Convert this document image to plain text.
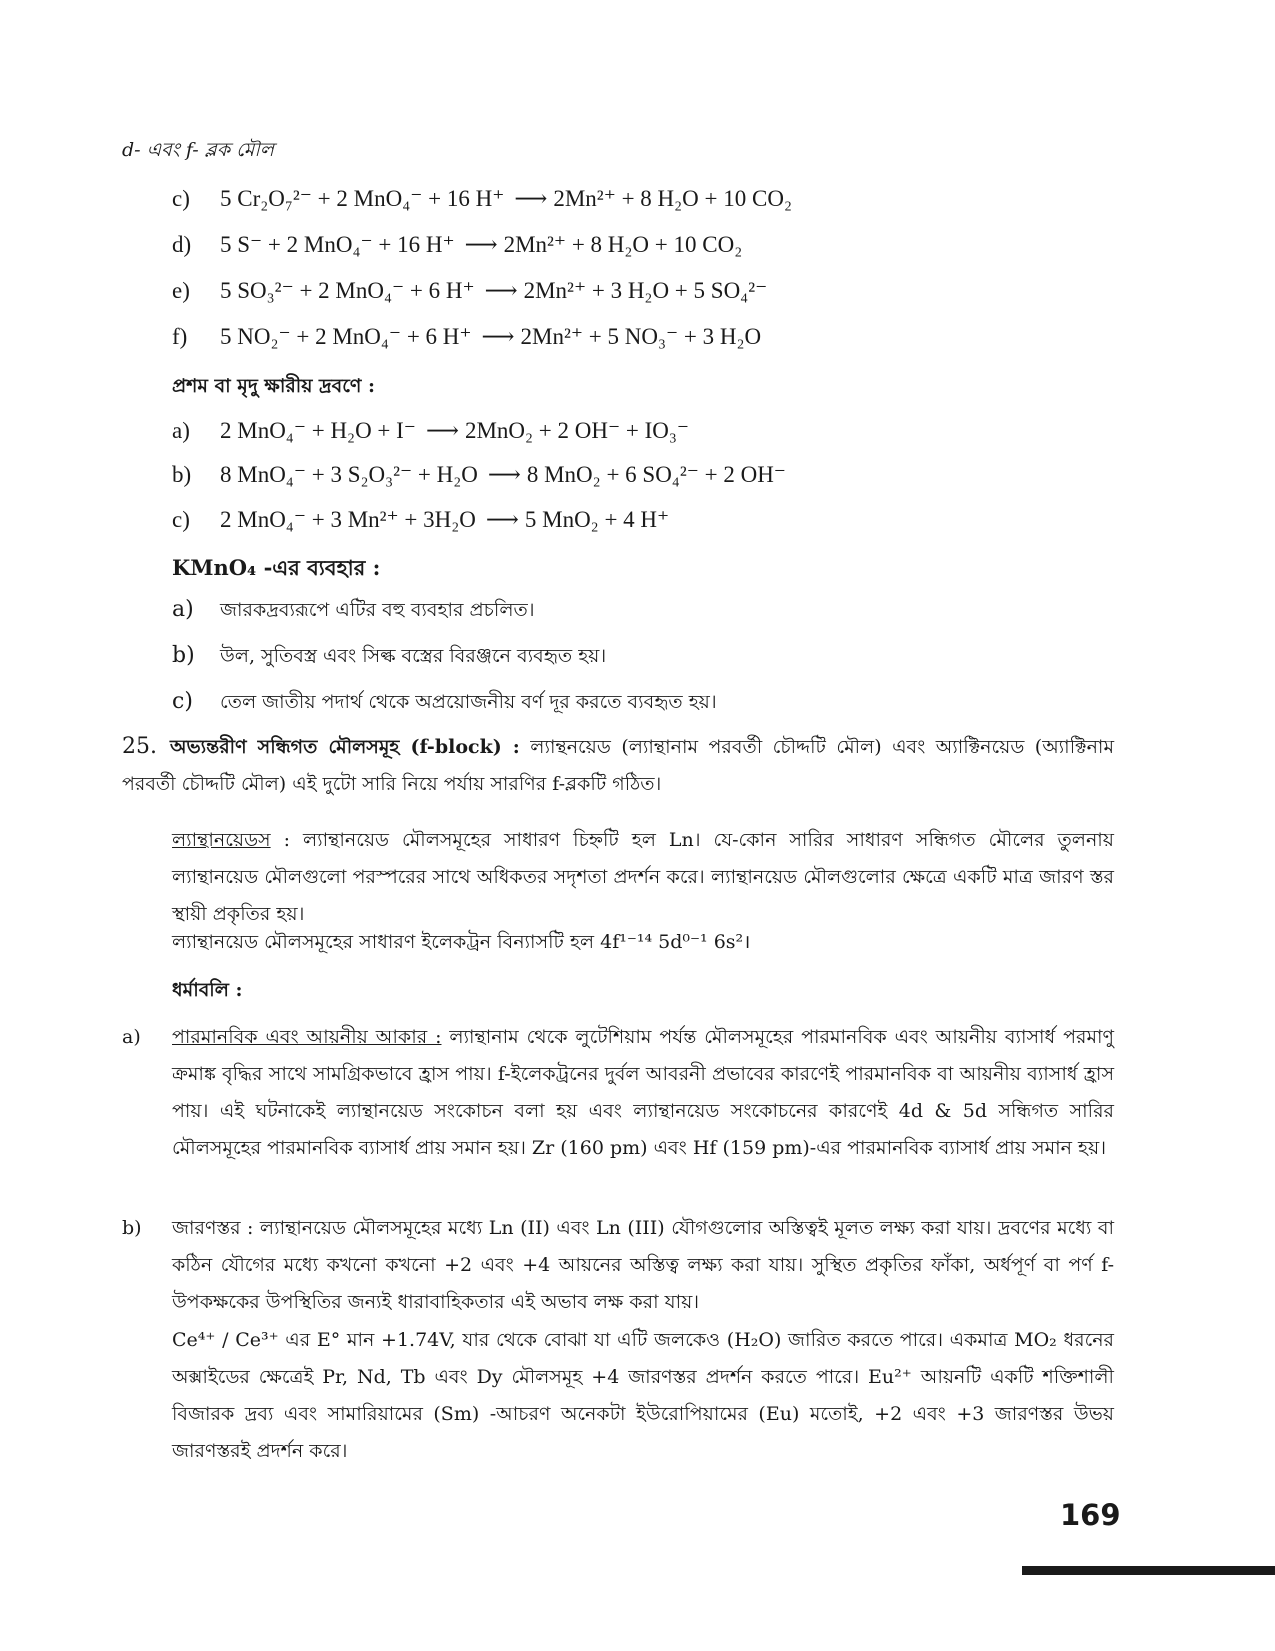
d- এবং f- ব্লক মৌল
c) 5 Cr₂O₇²⁻ + 2 MnO₄⁻ + 16 H⁺ ⟶ 2Mn²⁺ + 8 H₂O + 10 CO₂
d) 5 S⁻ + 2 MnO₄⁻ + 16 H⁺ ⟶ 2Mn²⁺ + 8 H₂O + 10 CO₂
e) 5 SO₃²⁻ + 2 MnO₄⁻ + 6 H⁺ ⟶ 2Mn²⁺ + 3 H₂O + 5 SO₄²⁻
f) 5 NO₂⁻ + 2 MnO₄⁻ + 6 H⁺ ⟶ 2Mn²⁺ + 5 NO₃⁻ + 3 H₂O
প্রশম বা মৃদু ক্ষারীয় দ্রবণে :
a) 2 MnO₄⁻ + H₂O + I⁻ ⟶ 2MnO₂ + 2 OH⁻ + IO₃⁻
b) 8 MnO₄⁻ + 3 S₂O₃²⁻ + H₂O ⟶ 8 MnO₂ + 6 SO₄²⁻ + 2 OH⁻
c) 2 MnO₄⁻ + 3 Mn²⁺ + 3H₂O ⟶ 5 MnO₂ + 4 H⁺
KMnO₄ -এর ব্যবহার :
a) জারকদ্রব্যরূপে এটির বহু ব্যবহার প্রচলিত।
b) উল, সুতিবস্ত্র এবং সিল্ক বস্ত্রের বিরঞ্জনে ব্যবহৃত হয়।
c) তেল জাতীয় পদার্থ থেকে অপ্রয়োজনীয় বর্ণ দূর করতে ব্যবহৃত হয়।
25. অভ্যন্তরীণ সন্ধিগত মৌলসমূহ (f-block) : ল্যান্থনয়েড (ল্যান্থানাম পরবর্তী চৌদ্দটি মৌল) এবং অ্যাক্টিনয়েড (অ্যাক্টিনাম পরবর্তী চৌদ্দটি মৌল) এই দুটো সারি নিয়ে পর্যায় সারণির f-ব্লকটি গঠিত।
ল্যান্থানয়েডস : ল্যান্থানয়েড মৌলসমূহের সাধারণ চিহ্নটি হল Ln। যে-কোন সারির সাধারণ সন্ধিগত মৌলের তুলনায় ল্যান্থানয়েড মৌলগুলো পরস্পরের সাথে অধিকতর সদৃশতা প্রদর্শন করে। ল্যান্থানয়েড মৌলগুলোর ক্ষেত্রে একটি মাত্র জারণ স্তর স্থায়ী প্রকৃতির হয়।
ল্যান্থানয়েড মৌলসমূহের সাধারণ ইলেকট্রন বিন্যাসটি হল 4f¹⁻¹⁴ 5d⁰⁻¹ 6s²।
ধর্মাবলি :
a)	পারমানবিক এবং আয়নীয় আকার : ল্যান্থানাম থেকে লুটেশিয়াম পর্যন্ত মৌলসমূহের পারমানবিক এবং আয়নীয় ব্যাসার্ধ পরমাণু ক্রমাঙ্ক বৃদ্ধির সাথে সামগ্রিকভাবে হ্রাস পায়। f-ইলেকট্রনের দুর্বল আবরনী প্রভাবের কারণেই পারমানবিক বা আয়নীয় ব্যাসার্ধ হ্রাস পায়। এই ঘটনাকেই ল্যান্থানয়েড সংকোচন বলা হয় এবং ল্যান্থানয়েড সংকোচনের কারণেই 4d & 5d সন্ধিগত সারির মৌলসমূহের পারমানবিক ব্যাসার্ধ প্রায় সমান হয়। Zr (160 pm) এবং Hf (159 pm)-এর পারমানবিক ব্যাসার্ধ প্রায় সমান হয়।
b)	জারণস্তর : ল্যান্থানয়েড মৌলসমূহের মধ্যে Ln (II) এবং Ln (III) যৌগগুলোর অস্তিত্বই মূলত লক্ষ্য করা যায়। দ্রবণের মধ্যে বা কঠিন যৌগের মধ্যে কখনো কখনো +2 এবং +4 আয়নের অস্তিত্ব লক্ষ্য করা যায়। সুস্থিত প্রকৃতির ফাঁকা, অর্ধপূর্ণ বা পর্ণ f-উপকক্ষকের উপস্থিতির জন্যই ধারাবাহিকতার এই অভাব লক্ষ করা যায়।
Ce⁴⁺ / Ce³⁺ এর E° মান +1.74V, যার থেকে বোঝা যা এটি জলকেও (H₂O) জারিত করতে পারে। একমাত্র MO₂ ধরনের অক্সাইডের ক্ষেত্রেই Pr, Nd, Tb এবং Dy মৌলসমূহ +4 জারণস্তর প্রদর্শন করতে পারে। Eu²⁺ আয়নটি একটি শক্তিশালী বিজারক দ্রব্য এবং সামারিয়ামের (Sm) -আচরণ অনেকটা ইউরোপিয়ামের (Eu) মতোই, +2 এবং +3 জারণস্তর উভয় জারণস্তরই প্রদর্শন করে।
169
